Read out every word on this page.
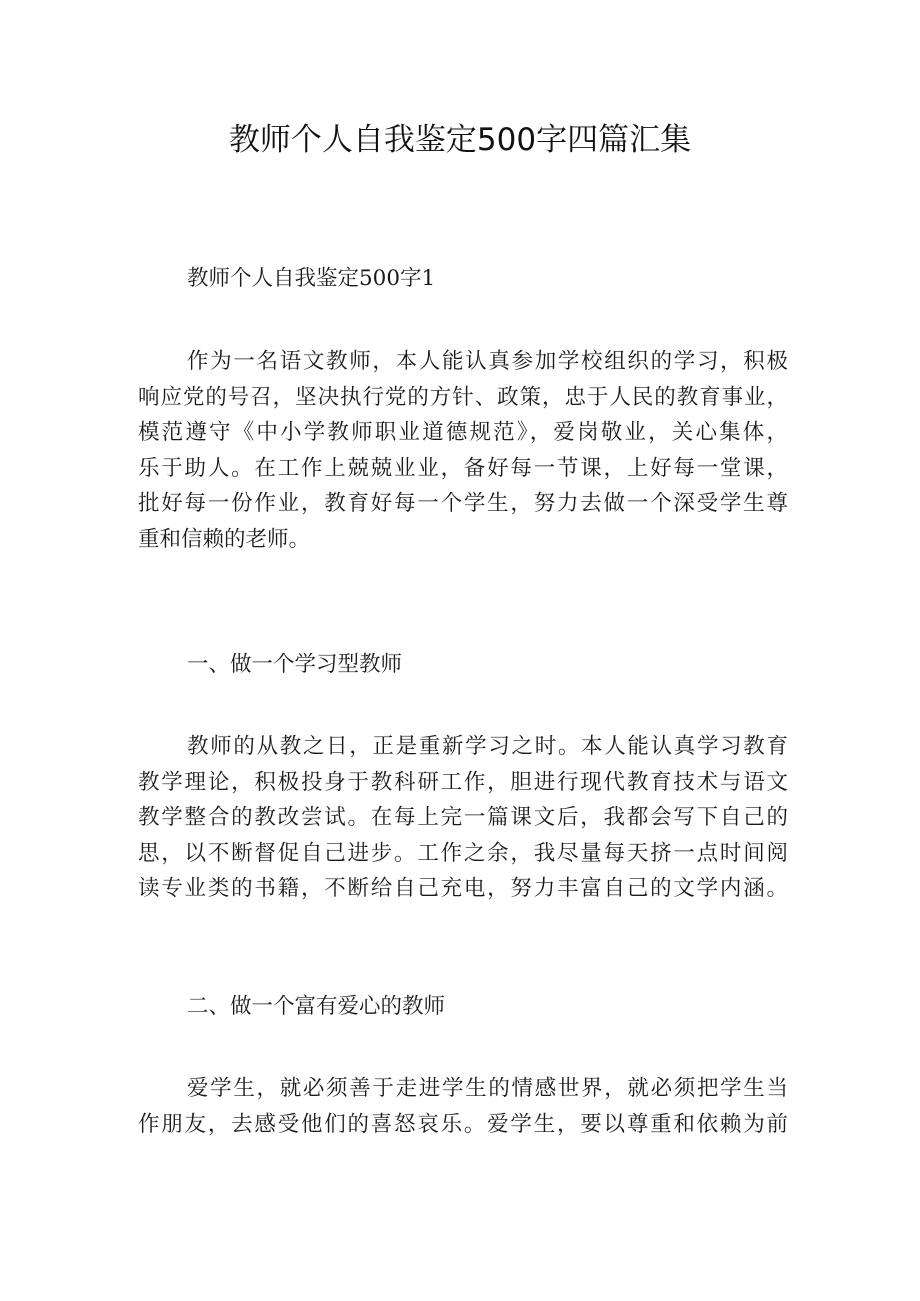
教师个人自我鉴定500字四篇汇集
教师个人自我鉴定500字1
作为一名语文教师，本人能认真参加学校组织的学习，积极
响应党的号召，坚决执行党的方针、政策，忠于人民的教育事业，
模范遵守《中小学教师职业道德规范》，爱岗敬业，关心集体，
乐于助人。在工作上兢兢业业，备好每一节课，上好每一堂课，
批好每一份作业，教育好每一个学生，努力去做一个深受学生尊
重和信赖的老师。
一、做一个学习型教师
教师的从教之日，正是重新学习之时。本人能认真学习教育
教学理论，积极投身于教科研工作，胆进行现代教育技术与语文
教学整合的教改尝试。在每上完一篇课文后，我都会写下自己的
思，以不断督促自己进步。工作之余，我尽量每天挤一点时间阅
读专业类的书籍，不断给自己充电，努力丰富自己的文学内涵。
二、做一个富有爱心的教师
爱学生，就必须善于走进学生的情感世界，就必须把学生当
作朋友，去感受他们的喜怒哀乐。爱学生，要以尊重和依赖为前
